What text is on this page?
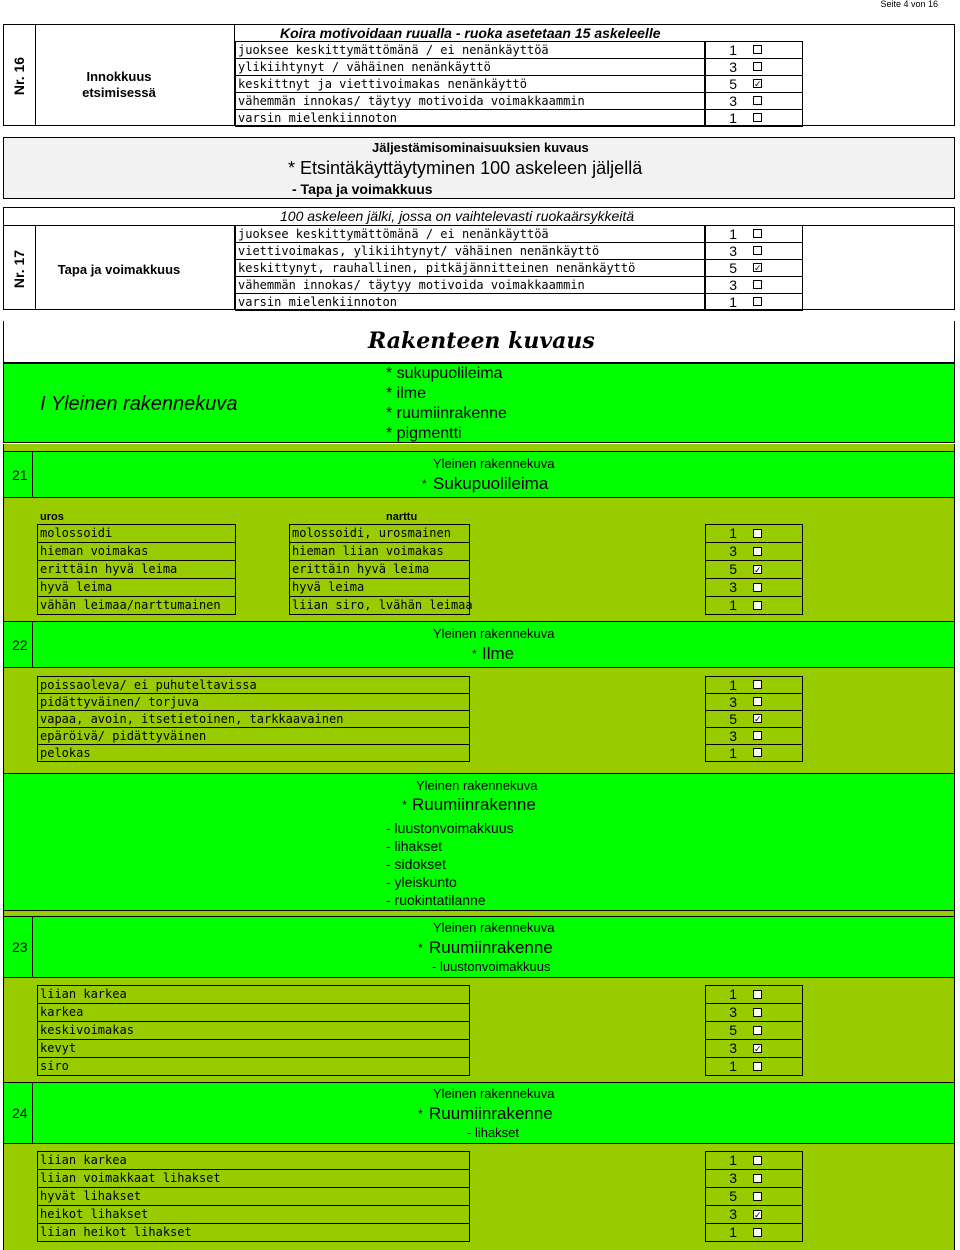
Seite 4 von 16
Nr. 16	Innokkuus etsimisessä
Koira motivoidaan ruualla - ruoka asetetaan 15 askeleelle
juoksee keskittymättömänä / ei nenänkäyttöä	1
ylikiihtynyt / vähäinen nenänkäyttö	3
keskittnyt ja viettivoimakas nenänkäyttö	5 ✓
vähemmän innokas/ täytyy motivoida voimakkaammin	3
varsin mielenkiinnoton	1
Jäljestämisominaisuuksien kuvaus
* Etsintäkäyttäytyminen 100 askeleen jäljellä
- Tapa ja voimakkuus
Nr. 17	Tapa ja voimakkuus
100 askeleen jälki, jossa on vaihtelevasti ruokaärsykkeitä
juoksee keskittymättömänä / ei nenänkäyttöä	1
viettivoimakas, ylikiihtynyt/ vähäinen nenänkäyttö	3
keskittynyt, rauhallinen, pitkäjännitteinen nenänkäyttö	5 ✓
vähemmän innokas/ täytyy motivoida voimakkaammin	3
varsin mielenkiinnoton	1
Rakenteen kuvaus
I Yleinen rakennekuva
* sukupuolileima
* ilme
* ruumiinrakenne
* pigmentti
21
Yleinen rakennekuva
* Sukupuolileima
uros	narttu
molossoidi	molossoidi, urosmainen	1
hieman voimakas	hieman liian voimakas	3
erittäin hyvä leima	erittäin hyvä leima	5 ✓
hyvä leima	hyvä leima	3
vähän leimaa/narttumainen	liian siro, lvähän leimaa	1
22
Yleinen rakennekuva
* Ilme
poissaoleva/ ei puhuteltavissa	1
pidättyväinen/ torjuva	3
vapaa, avoin, itsetietoinen, tarkkaavainen	5 ✓
epäröivä/ pidättyväinen	3
pelokas	1
Yleinen rakennekuva
* Ruumiinrakenne
- luustonvoimakkuus
- lihakset
- sidokset
- yleiskunto
- ruokintatilanne
23
Yleinen rakennekuva
* Ruumiinrakenne
- luustonvoimakkuus
liian karkea	1
karkea	3
keskivoimakas	5
kevyt	3 ✓
siro	1
24
Yleinen rakennekuva
* Ruumiinrakenne
- lihakset
liian karkea	1
liian voimakkaat lihakset	3
hyvät lihakset	5
heikot lihakset	3 ✓
liian heikot lihakset	1
